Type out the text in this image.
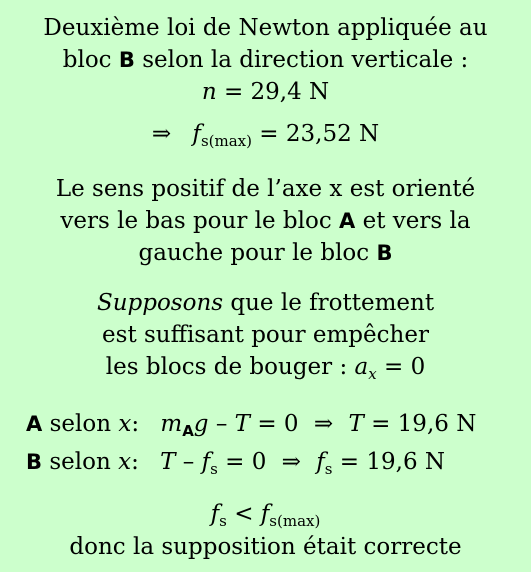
Deuxième loi de Newton appliquée au
bloc B selon la direction verticale :
n = 29,4 N
⇒ $f_{s(max)} = 23,52$ N
Le sens positif de l’axe x est orienté
vers le bas pour le bloc A et vers la
gauche pour le bloc B
Supposons que le frottement
est suffisant pour empêcher
les blocs de bouger : $a_x = 0$
A selon x: $m_Ag - T = 0$ ⇒ T = 19,6 N
B selon x: $T - f_s = 0$ ⇒ $f_s = 19,6$ N
$f_s < f_{s(max)}$
donc la supposition était correcte
